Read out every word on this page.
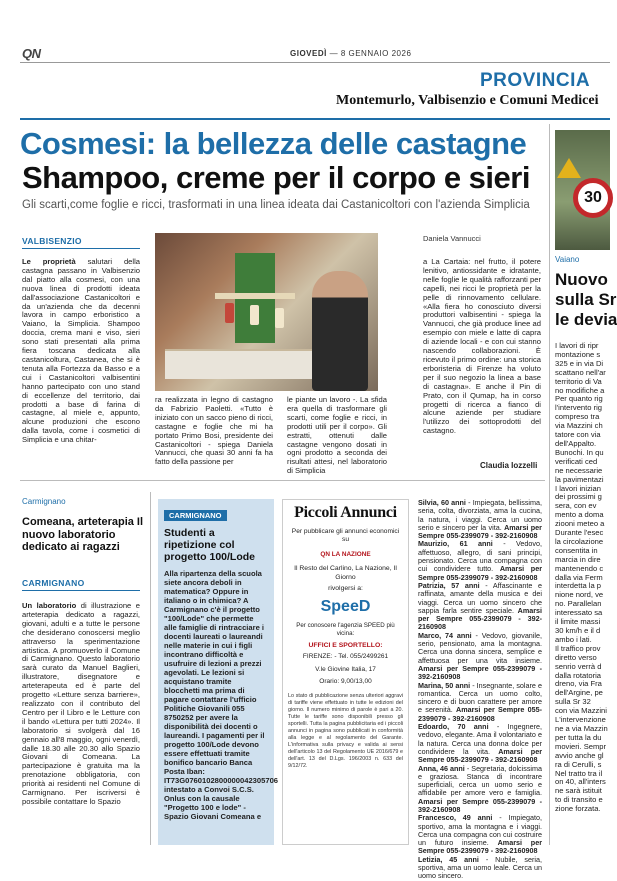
QN	GIOVEDÌ — 8 GENNAIO 2026
PROVINCIA
Montemurlo, Valbisenzio e Comuni Medicei
Cosmesi: la bellezza delle castagne
Shampoo, creme per il corpo e sieri
Gli scarti,come foglie e ricci, trasformati in una linea ideata dai Castanicoltori con l'azienda Simplicia
VALBISENZIO
Le proprietà salutari della castagna passano in Valbisenzio dal piatto alla cosmesi, con una nuova linea di prodotti ideata dall'associazione Castanicoltori e da un'azienda che da decenni lavora in campo erboristico a Vaiano, la Simplicia. Shampoo doccia, crema mani e viso, sieri sono stati presentati alla prima fiera toscana dedicata alla castanicoltura, Castanea, che si è tenuta alla Fortezza da Basso e a cui i Castanicoltori valbisentini hanno partecipato con uno stand di eccellenze del territorio, dai prodotti a base di farina di castagne, al miele e, appunto, alcune produzioni che escono dalla tavola, come i cosmetici di Simplicia e una chitar-
Daniela Vannucci
ra realizzata in legno di castagno da Fabrizio Paoletti. «Tutto è iniziato con un sacco pieno di ricci, castagne e foglie che mi ha portato Primo Bosi, presidente dei Castanicoltori - spiega Daniela Vannucci, che quasi 30 anni fa ha fatto della passione per
le piante un lavoro -. La sfida era quella di trasformare gli scarti, come foglie e ricci, in prodotti utili per il corpo». Gli estratti, ottenuti dalle castagne vengono dosati in ogni prodotto a seconda dei risultati attesi, nel laboratorio di Simplicia
a La Cartaia: nel frutto, il potere lenitivo, antiossidante e idratante, nelle foglie le qualità rafforzanti per capelli, nei ricci le proprietà per la pelle di rinnovamento cellulare. «Alla fiera ho conosciuto diversi produttori valbisentini - spiega la Vannucci, che già produce linee ad esempio con miele e latte di capra di aziende locali - e con cui stanno nascendo collaborazioni. È ricevuto il primo ordine: una storica erboristeria di Firenze ha voluto per il suo negozio la linea a base di castagna». E anche il Pin di Prato, con il Qumap, ha in corso progetti di ricerca a fianco di alcune aziende per studiare l'utilizzo dei sottoprodotti del castagno.
Claudia Iozzelli
30
Vaiano
Nuovo
sulla Sr
le devia
I lavori di ripr
montazione s
325 e in via Di
scattano nell'ar
territorio di Va
no modifiche a
Per quanto rig
l'intervento rig
compreso tra
via Mazzini ch
tatore con via
dell'Appalto.
Bunochi. In qu
verificati ced
ne necessarie
la pavimentazi
I lavori inizian
dei prossimi g
sera, con ev
mento a doma
ziooni meteo a
Durante l'esec
la circolazione
consentita in
marcia in dire
mantenendo c
dalla via Ferm
interdetta la p
nione nord, ve
no. Parallelan
interessato sa
il limite massi
30 km/h e il d
ambo i lati.
Il traffico prov
diretto verso
senrio verrà d
dalla rotatoria
dreno, via Fra
dell'Argine, pe
sulla Sr 32
con via Mazzini
L'intervenzione
ne a via Mazzin
per tutta la du
movieri. Sempr
avvio anche gl
ra di Cerulli, s
Nel tratto tra il
on 40, all'inters
ne sarà istituit
to di transito e
zione forzata.
Carmignano
Comeana, arteterapia Il nuovo laboratorio dedicato ai ragazzi
CARMIGNANO
Un laboratorio di illustrazione e arteterapia dedicato a ragazzi, giovani, adulti e a tutte le persone che desiderano conoscersi meglio attraverso la sperimentazione artistica. A promuoverlo il Comune di Carmignano. Questo laboratorio sarà curato da Manuel Baglieri, illustratore, disegnatore e arteterapeuta ed è parte del progetto «Letture senza barriere», realizzato con il contributo del Centro per il Libro e le Letture con il bando «Lettura per tutti 2024». Il laboratorio si svolgerà dal 16 gennaio all'8 maggio, ogni venerdì, dalle 18.30 alle 20.30 allo Spazio Giovani di Comeana. La partecipazione è gratuita ma la prenotazione obbligatoria, con priorità ai residenti nel Comune di Carmignano. Per iscriversi è possibile contattare lo Spazio
CARMIGNANO
Studenti a ripetizione col progetto 100/Lode
Alla ripartenza della scuola siete ancora deboli in matematica? Oppure in italiano o in chimica? A Carmignano c'è il progetto "100/Lode" che permette alle famiglie di rintracciare i docenti laureati o laureandi nelle materie in cui i figli incontrano difficoltà e usufruire di lezioni a prezzi agevolati. Le lezioni si acquistano tramite blocchetti ma prima di pagare contattare l'ufficio Politiche Giovanili 055 8750252 per avere la disponibilità dei docenti o laureandi. I pagamenti per il progetto 100/Lode devono essere effettuati tramite bonifico bancario Banca Posta Iban: IT73G0760102800000042305706 intestato a Convoi S.C.S. Onlus con la causale "Progetto 100 e lode" - Spazio Giovani Comeana e
Piccoli Annunci
Per pubblicare gli annunci economici su
QN LA NAZIONE
Il Resto del Carlino, La Nazione, Il Giorno
rivolgersi a:
SpeeD
Per conoscere l'agenzia SPEED più vicina:
UFFICI E SPORTELLO:
FIRENZE: - Tel. 055/2499261
V.le Giovine Italia, 17
Orario: 9,00/13,00
Lo stato di pubblicazione senza ulteriori aggravi di tariffe viene effettuato in tutte le edizioni del giorno. Il numero minimo di parole è pari a 20. Tutte le tariffe sono disponibili presso gli sportelli. Tutta la pagina pubblicitaria ed i piccoli annunci in pagina sono pubblicati in conformità alla legge e al regolamento del Garante. L'informativa sulla privacy e valida ai sensi dell'articolo 13 del Regolamento UE 2016/679 e dell'art. 13 del D.Lgs. 196/2003 n. 633 del 9/12/72.
Silvia, 60 anni - Impiegata, bellissima, seria, colta, divorziata, ama la cucina, la natura, i viaggi. Cerca un uomo serio e sincero per la vita. Amarsi per Sempre 055-2399079 - 392-2160908
Maurizio, 61 anni - Vedovo, affettuoso, allegro, di sani principi, pensionato. Cerca una compagna con cui condividere tutto. Amarsi per Sempre 055-2399079 - 392-2160908
Patrizia, 57 anni - Affascinante e raffinata, amante della musica e dei viaggi. Cerca un uomo sincero che sappia farla sentire speciale. Amarsi per Sempre 055-2399079 - 392-2160908
Marco, 74 anni - Vedovo, giovanile, serio, pensionato, ama la montagna. Cerca una donna sincera, semplice e affettuosa per una vita insieme. Amarsi per Sempre 055-2399079 - 392-2160908
Marina, 50 anni - Insegnante, solare e romantica. Cerca un uomo colto, sincero e di buon carattere per amore e serenità. Amarsi per Sempre 055-2399079 - 392-2160908
Edoardo, 70 anni - Ingegnere, vedovo, elegante. Ama il volontariato e la natura. Cerca una donna dolce per condividere la vita. Amarsi per Sempre 055-2399079 - 392-2160908
Anna, 46 anni - Segretaria, dolcissima e graziosa. Stanca di incontrare superficiali, cerca un uomo serio e affidabile per amore vero e famiglia. Amarsi per Sempre 055-2399079 - 392-2160908
Francesco, 49 anni - Impiegato, sportivo, ama la montagna e i viaggi. Cerca una compagna con cui costruire un futuro insieme. Amarsi per Sempre 055-2399079 - 392-2160908
Letizia, 45 anni - Nubile, seria, sportiva, ama un uomo leale. Cerca un uomo sincero.
